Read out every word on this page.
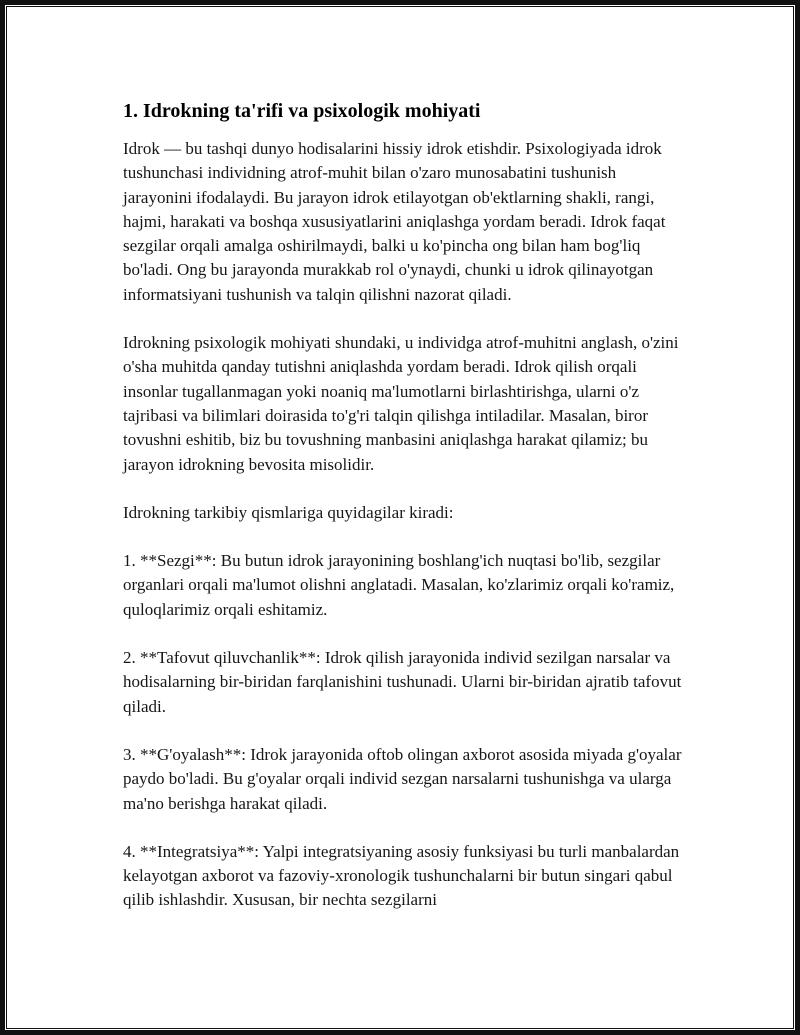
1. Idrokning ta'rifi va psixologik mohiyati

Idrok — bu tashqi dunyo hodisalarini hissiy idrok etishdir. Psixologiyada idrok tushunchasi individning atrof-muhit bilan o'zaro munosabatini tushunish jarayonini ifodalaydi. Bu jarayon idrok etilayotgan ob'ektlarning shakli, rangi, hajmi, harakati va boshqa xususiyatlarini aniqlashga yordam beradi. Idrok faqat sezgilar orqali amalga oshirilmaydi, balki u ko'pincha ong bilan ham bog'liq bo'ladi. Ong bu jarayonda murakkab rol o'ynaydi, chunki u idrok qilinayotgan informatsiyani tushunish va talqin qilishni nazorat qiladi.

Idrokning psixologik mohiyati shundaki, u individga atrof-muhitni anglash, o'zini o'sha muhitda qanday tutishni aniqlashda yordam beradi. Idrok qilish orqali insonlar tugallanmagan yoki noaniq ma'lumotlarni birlashtirishga, ularni o'z tajribasi va bilimlari doirasida to'g'ri talqin qilishga intiladilar. Masalan, biror tovushni eshitib, biz bu tovushning manbasini aniqlashga harakat qilamiz; bu jarayon idrokning bevosita misolidir.

Idrokning tarkibiy qismlariga quyidagilar kiradi:

1. **Sezgi**: Bu butun idrok jarayonining boshlang'ich nuqtasi bo'lib, sezgilar organlari orqali ma'lumot olishni anglatadi. Masalan, ko'zlarimiz orqali ko'ramiz, quloqlarimiz orqali eshitamiz.

2. **Tafovut qiluvchanlik**: Idrok qilish jarayonida individ sezilgan narsalar va hodisalarning bir-biridan farqlanishini tushunadi. Ularni bir-biridan ajratib tafovut qiladi.

3. **G'oyalash**: Idrok jarayonida oftob olingan axborot asosida miyada g'oyalar paydo bo'ladi. Bu g'oyalar orqali individ sezgan narsalarni tushunishga va ularga ma'no berishga harakat qiladi.

4. **Integratsiya**: Yalpi integratsiyaning asosiy funksiyasi bu turli manbalardan kelayotgan axborot va fazoviy-xronologik tushunchalarni bir butun singari qabul qilib ishlashdir. Xususan, bir nechta sezgilarni
